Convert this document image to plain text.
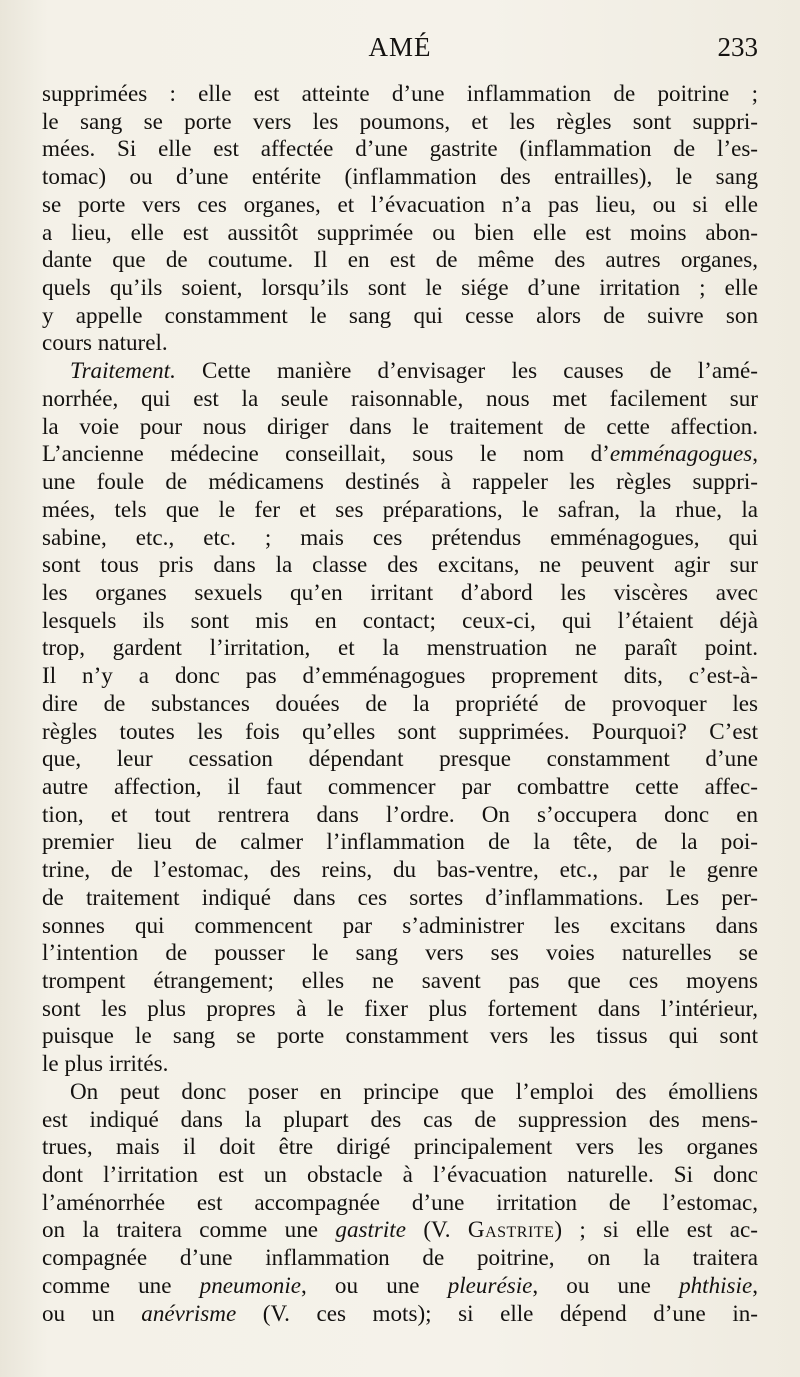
AMÉ	233
supprimées : elle est atteinte d’une inflammation de poitrine ;
le sang se porte vers les poumons, et les règles sont suppri-
mées. Si elle est affectée d’une gastrite (inflammation de l’es-
tomac) ou d’une entérite (inflammation des entrailles), le sang
se porte vers ces organes, et l’évacuation n’a pas lieu, ou si elle
a lieu, elle est aussitôt supprimée ou bien elle est moins abon-
dante que de coutume. Il en est de même des autres organes,
quels qu’ils soient, lorsqu’ils sont le siége d’une irritation ; elle
y appelle constamment le sang qui cesse alors de suivre son
cours naturel.
Traitement. Cette manière d’envisager les causes de l’amé-
norrhée, qui est la seule raisonnable, nous met facilement sur
la voie pour nous diriger dans le traitement de cette affection.
L’ancienne médecine conseillait, sous le nom d’emménagogues,
une foule de médicamens destinés à rappeler les règles suppri-
mées, tels que le fer et ses préparations, le safran, la rhue, la
sabine, etc., etc. ; mais ces prétendus emménagogues, qui
sont tous pris dans la classe des excitans, ne peuvent agir sur
les organes sexuels qu’en irritant d’abord les viscères avec
lesquels ils sont mis en contact; ceux-ci, qui l’étaient déjà
trop, gardent l’irritation, et la menstruation ne paraît point.
Il n’y a donc pas d’emménagogues proprement dits, c’est-à-
dire de substances douées de la propriété de provoquer les
règles toutes les fois qu’elles sont supprimées. Pourquoi? C’est
que, leur cessation dépendant presque constamment d’une
autre affection, il faut commencer par combattre cette affec-
tion, et tout rentrera dans l’ordre. On s’occupera donc en
premier lieu de calmer l’inflammation de la tête, de la poi-
trine, de l’estomac, des reins, du bas-ventre, etc., par le genre
de traitement indiqué dans ces sortes d’inflammations. Les per-
sonnes qui commencent par s’administrer les excitans dans
l’intention de pousser le sang vers ses voies naturelles se
trompent étrangement; elles ne savent pas que ces moyens
sont les plus propres à le fixer plus fortement dans l’intérieur,
puisque le sang se porte constamment vers les tissus qui sont
le plus irrités.
On peut donc poser en principe que l’emploi des émolliens
est indiqué dans la plupart des cas de suppression des mens-
trues, mais il doit être dirigé principalement vers les organes
dont l’irritation est un obstacle à l’évacuation naturelle. Si donc
l’aménorrhée est accompagnée d’une irritation de l’estomac,
on la traitera comme une gastrite (V. Gastrite) ; si elle est ac-
compagnée d’une inflammation de poitrine, on la traitera
comme une pneumonie, ou une pleurésie, ou une phthisie,
ou un anévrisme (V. ces mots); si elle dépend d’une in-
